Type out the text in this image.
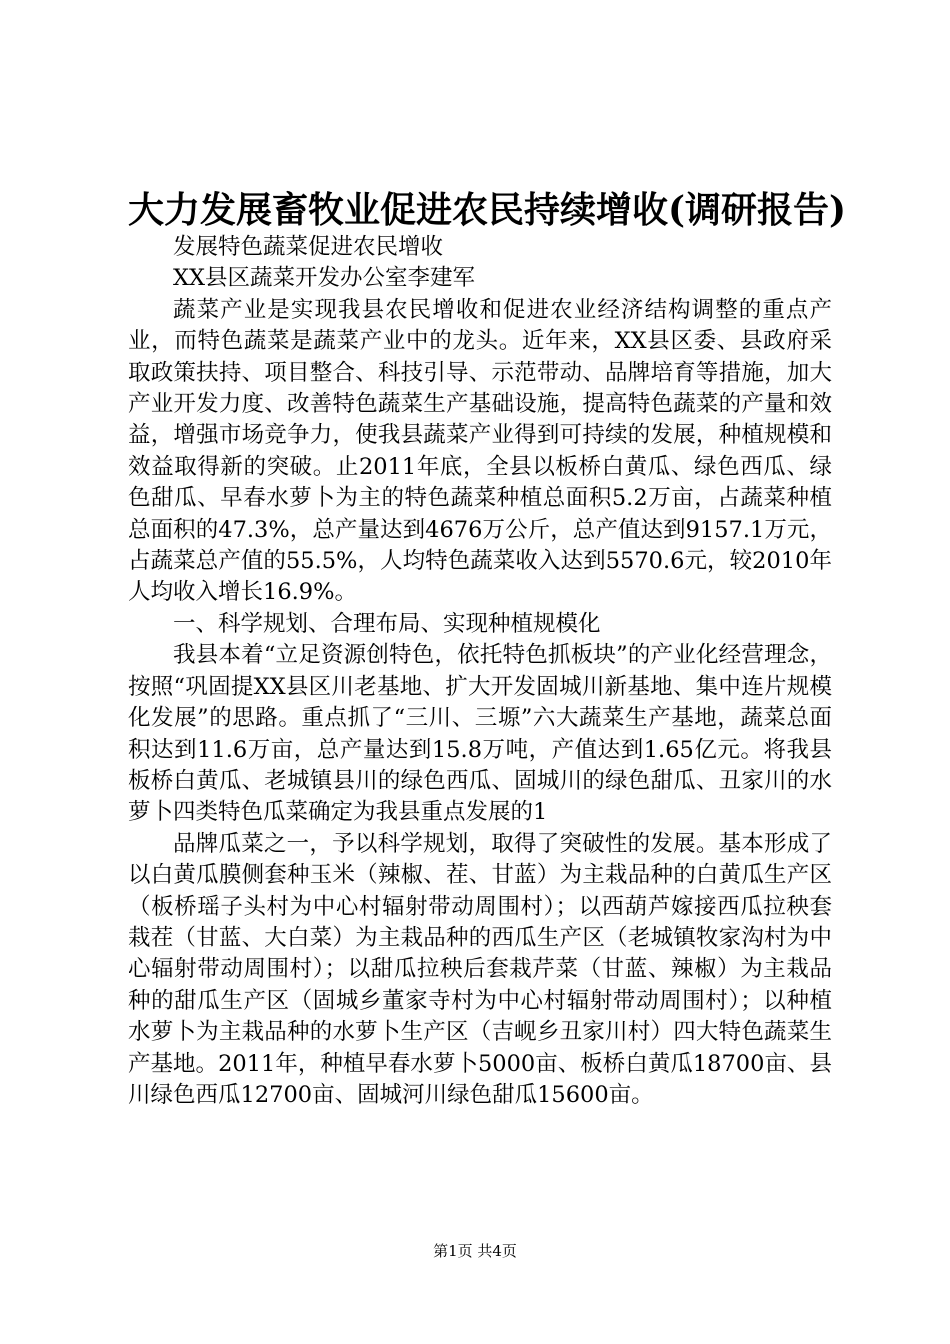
大力发展畜牧业促进农民持续增收(调研报告)

发展特色蔬菜促进农民增收

XX县区蔬菜开发办公室李建军

蔬菜产业是实现我县农民增收和促进农业经济结构调整的重点产业，而特色蔬菜是蔬菜产业中的龙头。近年来，XX县区委、县政府采取政策扶持、项目整合、科技引导、示范带动、品牌培育等措施，加大产业开发力度、改善特色蔬菜生产基础设施，提高特色蔬菜的产量和效益，增强市场竞争力，使我县蔬菜产业得到可持续的发展，种植规模和效益取得新的突破。止2011年底，全县以板桥白黄瓜、绿色西瓜、绿色甜瓜、早春水萝卜为主的特色蔬菜种植总面积5.2万亩，占蔬菜种植总面积的47.3%，总产量达到4676万公斤，总产值达到9157.1万元，占蔬菜总产值的55.5%，人均特色蔬菜收入达到5570.6元，较2010年人均收入增长16.9%。

一、科学规划、合理布局、实现种植规模化

我县本着“立足资源创特色，依托特色抓板块”的产业化经营理念，按照“巩固提XX县区川老基地、扩大开发固城川新基地、集中连片规模化发展”的思路。重点抓了“三川、三塬”六大蔬菜生产基地，蔬菜总面积达到11.6万亩，总产量达到15.8万吨，产值达到1.65亿元。将我县板桥白黄瓜、老城镇县川的绿色西瓜、固城川的绿色甜瓜、丑家川的水萝卜四类特色瓜菜确定为我县重点发展的1

品牌瓜菜之一，予以科学规划，取得了突破性的发展。基本形成了以白黄瓜膜侧套种玉米（辣椒、茬、甘蓝）为主栽品种的白黄瓜生产区（板桥瑶子头村为中心村辐射带动周围村）；以西葫芦嫁接西瓜拉秧套栽茬（甘蓝、大白菜）为主栽品种的西瓜生产区（老城镇牧家沟村为中心辐射带动周围村）；以甜瓜拉秧后套栽芹菜（甘蓝、辣椒）为主栽品种的甜瓜生产区（固城乡董家寺村为中心村辐射带动周围村）；以种植水萝卜为主栽品种的水萝卜生产区（吉岘乡丑家川村）四大特色蔬菜生产基地。2011年，种植早春水萝卜5000亩、板桥白黄瓜18700亩、县川绿色西瓜12700亩、固城河川绿色甜瓜15600亩。

第1页 共4页
